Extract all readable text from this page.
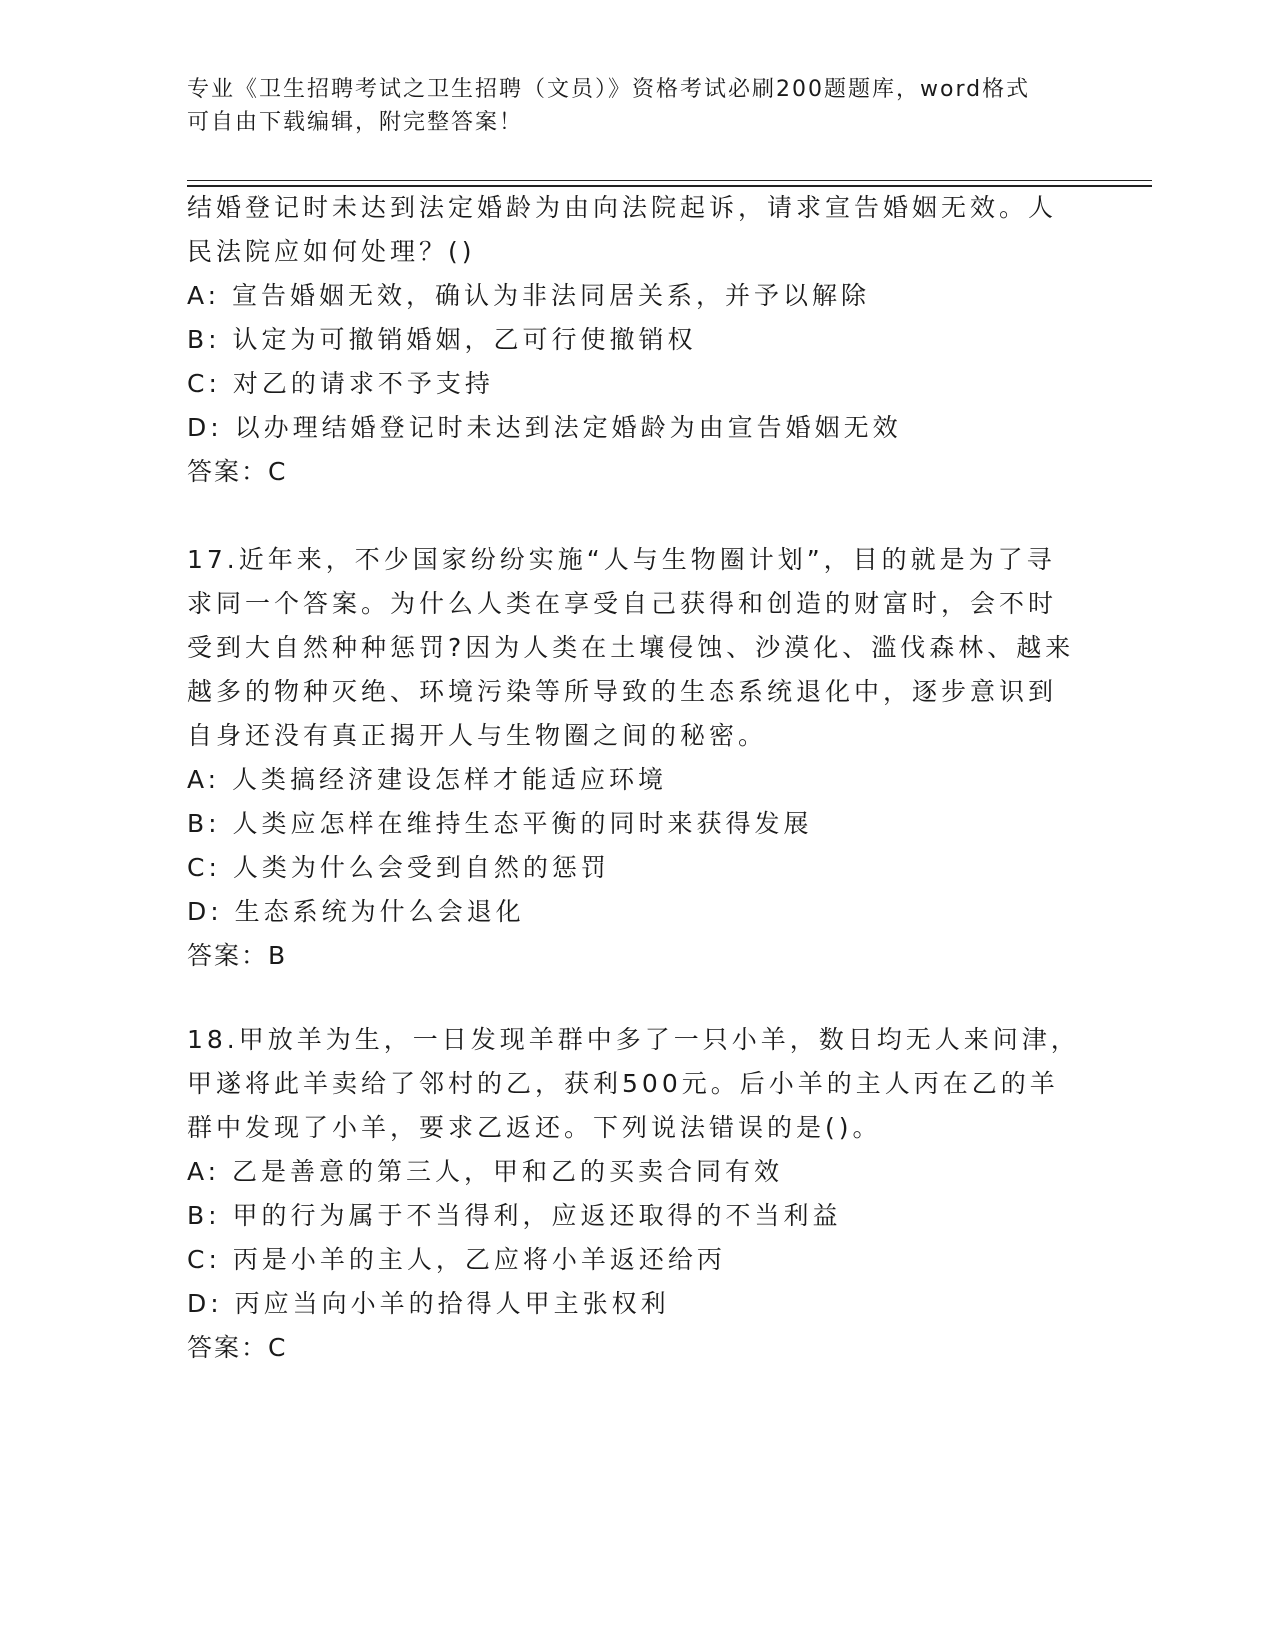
专业《卫生招聘考试之卫生招聘（文员）》资格考试必刷200题题库，word格式
可自由下载编辑，附完整答案！
结婚登记时未达到法定婚龄为由向法院起诉，请求宣告婚姻无效。人
民法院应如何处理？()
A: 宣告婚姻无效，确认为非法同居关系，并予以解除
B: 认定为可撤销婚姻，乙可行使撤销权
C: 对乙的请求不予支持
D: 以办理结婚登记时未达到法定婚龄为由宣告婚姻无效
答案：C
17.近年来，不少国家纷纷实施“人与生物圈计划”，目的就是为了寻
求同一个答案。为什么人类在享受自己获得和创造的财富时，会不时
受到大自然种种惩罚?因为人类在土壤侵蚀、沙漠化、滥伐森林、越来
越多的物种灭绝、环境污染等所导致的生态系统退化中，逐步意识到
自身还没有真正揭开人与生物圈之间的秘密。
A: 人类搞经济建设怎样才能适应环境
B: 人类应怎样在维持生态平衡的同时来获得发展
C: 人类为什么会受到自然的惩罚
D: 生态系统为什么会退化
答案：B
18.甲放羊为生，一日发现羊群中多了一只小羊，数日均无人来问津，
甲遂将此羊卖给了邻村的乙，获利500元。后小羊的主人丙在乙的羊
群中发现了小羊，要求乙返还。下列说法错误的是()。
A: 乙是善意的第三人，甲和乙的买卖合同有效
B: 甲的行为属于不当得利，应返还取得的不当利益
C: 丙是小羊的主人，乙应将小羊返还给丙
D: 丙应当向小羊的拾得人甲主张权利
答案：C
